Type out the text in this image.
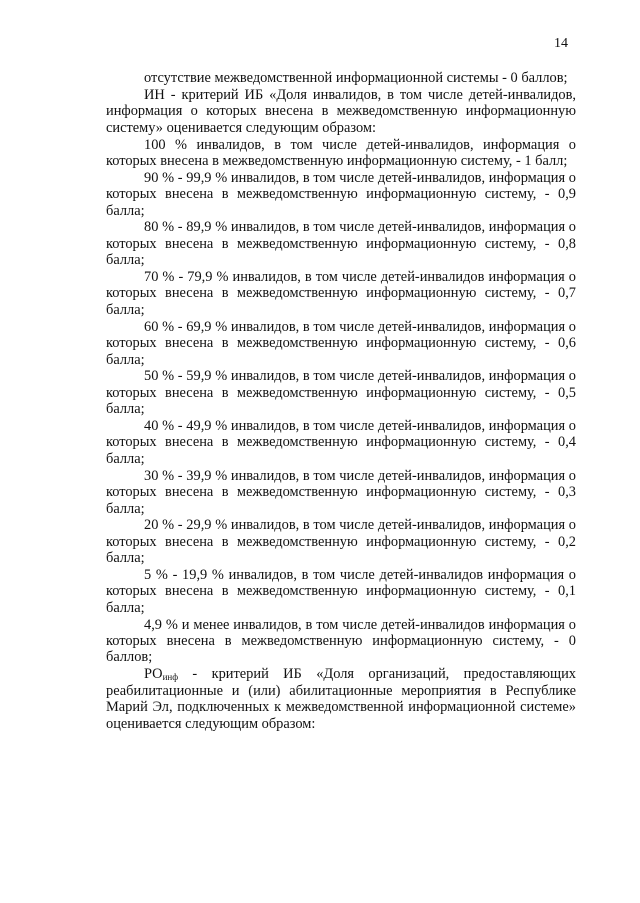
14

отсутствие межведомственной информационной системы - 0 баллов;

ИН - критерий ИБ «Доля инвалидов, в том числе детей-инвалидов, информация о которых внесена в межведомственную информационную систему» оценивается следующим образом:

100 % инвалидов, в том числе детей-инвалидов, информация о которых внесена в межведомственную информационную систему, - 1 балл;

90 % - 99,9 % инвалидов, в том числе детей-инвалидов, информация о которых внесена в межведомственную информационную систему, - 0,9 балла;

80 % - 89,9 % инвалидов, в том числе детей-инвалидов, информация о которых внесена в межведомственную информационную систему, - 0,8 балла;

70 % - 79,9 % инвалидов, в том числе детей-инвалидов информация о которых внесена в межведомственную информационную систему, - 0,7 балла;

60 % - 69,9 % инвалидов, в том числе детей-инвалидов, информация о которых внесена в межведомственную информационную систему, - 0,6 балла;

50 % - 59,9 % инвалидов, в том числе детей-инвалидов, информация о которых внесена в межведомственную информационную систему, - 0,5 балла;

40 % - 49,9 % инвалидов, в том числе детей-инвалидов, информация о которых внесена в межведомственную информационную систему, - 0,4 балла;

30 % - 39,9 % инвалидов, в том числе детей-инвалидов, информация о которых внесена в межведомственную информационную систему, - 0,3 балла;

20 % - 29,9 % инвалидов, в том числе детей-инвалидов, информация о которых внесена в межведомственную информационную систему, - 0,2 балла;

5 % - 19,9 % инвалидов, в том числе детей-инвалидов информация о которых внесена в межведомственную информационную систему, - 0,1 балла;

4,9 % и менее инвалидов, в том числе детей-инвалидов информация о которых внесена в межведомственную информационную систему, - 0 баллов;

$РО_{инф}$ - критерий ИБ «Доля организаций, предоставляющих реабилитационные и (или) абилитационные мероприятия в Республике Марий Эл, подключенных к межведомственной информационной системе» оценивается следующим образом:
